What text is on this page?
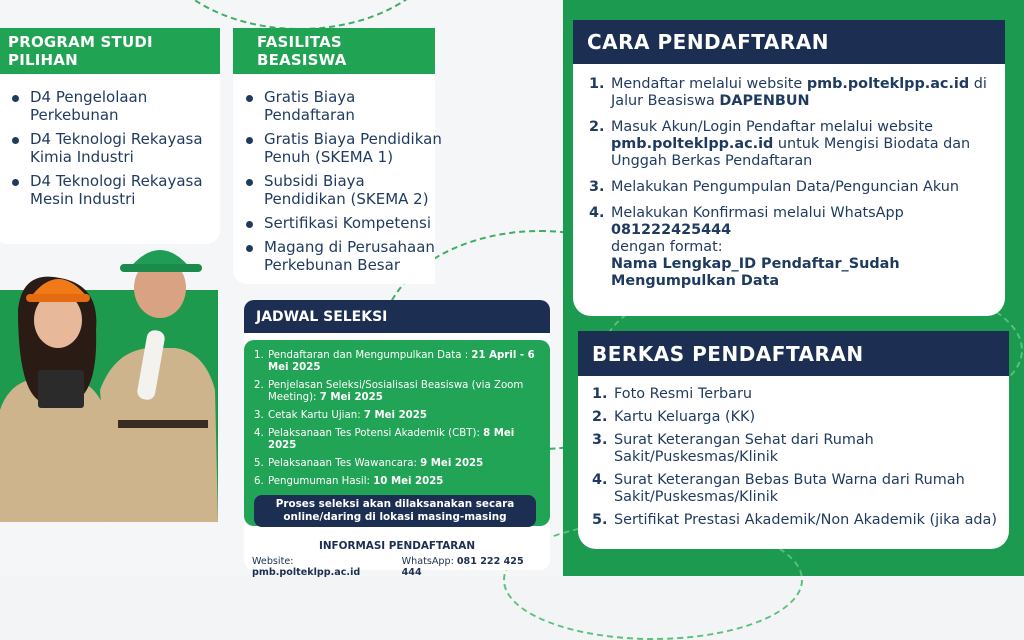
PROGRAM STUDI PILIHAN
D4 Pengelolaan
Perkebunan
D4 Teknologi Rekayasa
Kimia Industri
D4 Teknologi Rekayasa
Mesin Industri
FASILITAS BEASISWA
Gratis Biaya
Pendaftaran
Gratis Biaya Pendidikan
Penuh (SKEMA 1)
Subsidi Biaya
Pendidikan (SKEMA 2)
Sertifikasi Kompetensi
Magang di Perusahaan
Perkebunan Besar
JADWAL SELEKSI
1. Pendaftaran dan Mengumpulkan Data : 21 April - 6 Mei 2025
2. Penjelasan Seleksi/Sosialisasi Beasiswa (via Zoom Meeting): 7 Mei 2025
3. Cetak Kartu Ujian: 7 Mei 2025
4. Pelaksanaan Tes Potensi Akademik (CBT): 8 Mei 2025
5. Pelaksanaan Tes Wawancara: 9 Mei 2025
6. Pengumuman Hasil: 10 Mei 2025
Proses seleksi akan dilaksanakan secara online/daring di lokasi masing-masing
INFORMASI PENDAFTARAN
Website: pmb.polteklpp.ac.id
WhatsApp: 081 222 425 444
CARA PENDAFTARAN
1. Mendaftar melalui website pmb.polteklpp.ac.id di Jalur Beasiswa DAPENBUN
2. Masuk Akun/Login Pendaftar melalui website pmb.polteklpp.ac.id untuk Mengisi Biodata dan Unggah Berkas Pendaftaran
3. Melakukan Pengumpulan Data/Penguncian Akun
4. Melakukan Konfirmasi melalui WhatsApp
081222425444
dengan format:
Nama Lengkap_ID Pendaftar_Sudah Mengumpulkan Data
BERKAS PENDAFTARAN
1. Foto Resmi Terbaru
2. Kartu Keluarga (KK)
3. Surat Keterangan Sehat dari Rumah Sakit/Puskesmas/Klinik
4. Surat Keterangan Bebas Buta Warna dari Rumah Sakit/Puskesmas/Klinik
5. Sertifikat Prestasi Akademik/Non Akademik (jika ada)
